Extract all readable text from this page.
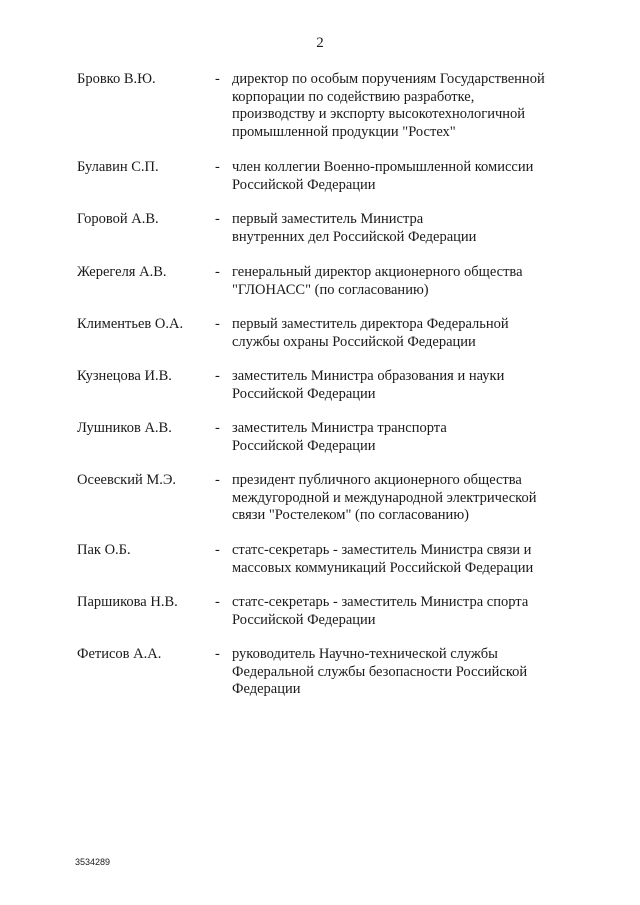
2
Бровко В.Ю.	- директор по особым поручениям Государственной
корпорации по содействию разработке,
производству и экспорту высокотехнологичной
промышленной продукции "Ростех"
Булавин С.П.	- член коллегии Военно-промышленной комиссии
Российской Федерации
Горовой А.В.	- первый заместитель Министра
внутренних дел Российской Федерации
Жерегеля А.В.	- генеральный директор акционерного общества
"ГЛОНАСС" (по согласованию)
Климентьев О.А. - первый заместитель директора Федеральной
службы охраны Российской Федерации
Кузнецова И.В.	- заместитель Министра образования и науки
Российской Федерации
Лушников А.В.	- заместитель Министра транспорта
Российской Федерации
Осеевский М.Э.	- президент публичного акционерного общества
междугородной и международной электрической
связи "Ростелеком" (по согласованию)
Пак О.Б.	- статс-секретарь - заместитель Министра связи и
массовых коммуникаций Российской Федерации
Паршикова Н.В.	- статс-секретарь - заместитель Министра спорта
Российской Федерации
Фетисов А.А.	- руководитель Научно-технической службы
Федеральной службы безопасности Российской
Федерации
3534289
